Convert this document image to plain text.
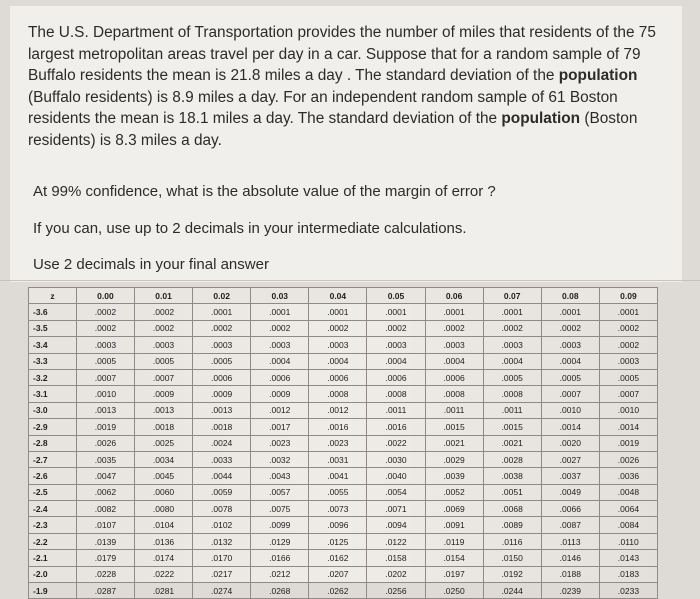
The U.S. Department of Transportation provides the number of miles that residents of the 75 largest metropolitan areas travel per day in a car. Suppose that for a random sample of 79 Buffalo residents the mean is 21.8 miles a day . The standard deviation of the population (Buffalo residents) is 8.9 miles a day. For an independent random sample of 61 Boston residents the mean is 18.1 miles a day. The standard deviation of the population (Boston residents) is 8.3 miles a day.

At 99% confidence, what is the absolute value of the margin of error ?

If you can, use up to 2 decimals in your intermediate calculations.

Use 2 decimals in your final answer

z	0.00	0.01	0.02	0.03	0.04	0.05	0.06	0.07	0.08	0.09
-3.6	.0002	.0002	.0001	.0001	.0001	.0001	.0001	.0001	.0001	.0001
-3.5	.0002	.0002	.0002	.0002	.0002	.0002	.0002	.0002	.0002	.0002
-3.4	.0003	.0003	.0003	.0003	.0003	.0003	.0003	.0003	.0003	.0002
-3.3	.0005	.0005	.0005	.0004	.0004	.0004	.0004	.0004	.0004	.0003
-3.2	.0007	.0007	.0006	.0006	.0006	.0006	.0006	.0005	.0005	.0005
-3.1	.0010	.0009	.0009	.0009	.0008	.0008	.0008	.0008	.0007	.0007
-3.0	.0013	.0013	.0013	.0012	.0012	.0011	.0011	.0011	.0010	.0010
-2.9	.0019	.0018	.0018	.0017	.0016	.0016	.0015	.0015	.0014	.0014
-2.8	.0026	.0025	.0024	.0023	.0023	.0022	.0021	.0021	.0020	.0019
-2.7	.0035	.0034	.0033	.0032	.0031	.0030	.0029	.0028	.0027	.0026
-2.6	.0047	.0045	.0044	.0043	.0041	.0040	.0039	.0038	.0037	.0036
-2.5	.0062	.0060	.0059	.0057	.0055	.0054	.0052	.0051	.0049	.0048
-2.4	.0082	.0080	.0078	.0075	.0073	.0071	.0069	.0068	.0066	.0064
-2.3	.0107	.0104	.0102	.0099	.0096	.0094	.0091	.0089	.0087	.0084
-2.2	.0139	.0136	.0132	.0129	.0125	.0122	.0119	.0116	.0113	.0110
-2.1	.0179	.0174	.0170	.0166	.0162	.0158	.0154	.0150	.0146	.0143
-2.0	.0228	.0222	.0217	.0212	.0207	.0202	.0197	.0192	.0188	.0183
-1.9	.0287	.0281	.0274	.0268	.0262	.0256	.0250	.0244	.0239	.0233
